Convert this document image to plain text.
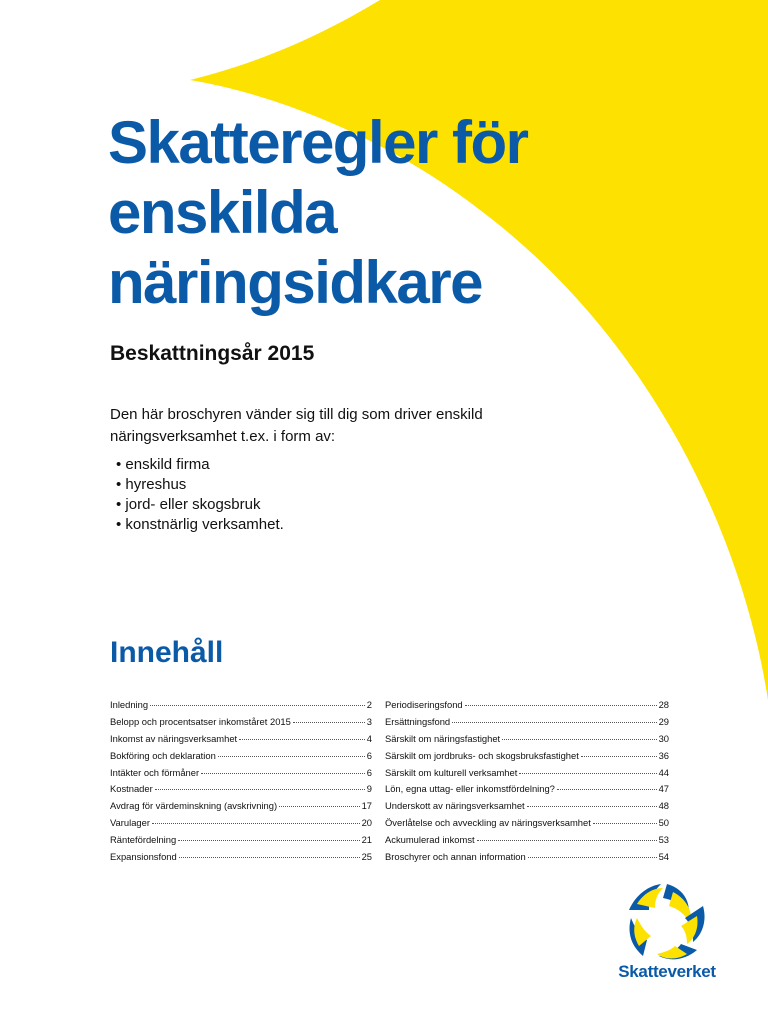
Skatteregler för
enskilda
näringsidkare
Beskattningsår 2015

Den här broschyren vänder sig till dig som driver enskild näringsverksamhet t.ex. i form av:

• enskild firma
• hyreshus
• jord- eller skogsbruk
• konstnärlig verksamhet.
Innehåll
Inledning	2
Belopp och procentsatser inkomståret 2015	3
Inkomst av näringsverksamhet	4
Bokföring och deklaration	6
Intäkter och förmåner	6
Kostnader	9
Avdrag för värdeminskning (avskrivning)	17
Varulager	20
Räntefördelning	21
Expansionsfond	25
Periodiseringsfond	28
Ersättningsfond	29
Särskilt om näringsfastighet	30
Särskilt om jordbruks- och skogsbruksfastighet	36
Särskilt om kulturell verksamhet	44
Lön, egna uttag- eller inkomstfördelning?	47
Underskott av näringsverksamhet	48
Överlåtelse och avveckling av näringsverksamhet	50
Ackumulerad inkomst	53
Broschyrer och annan information	54
Skatteverket
